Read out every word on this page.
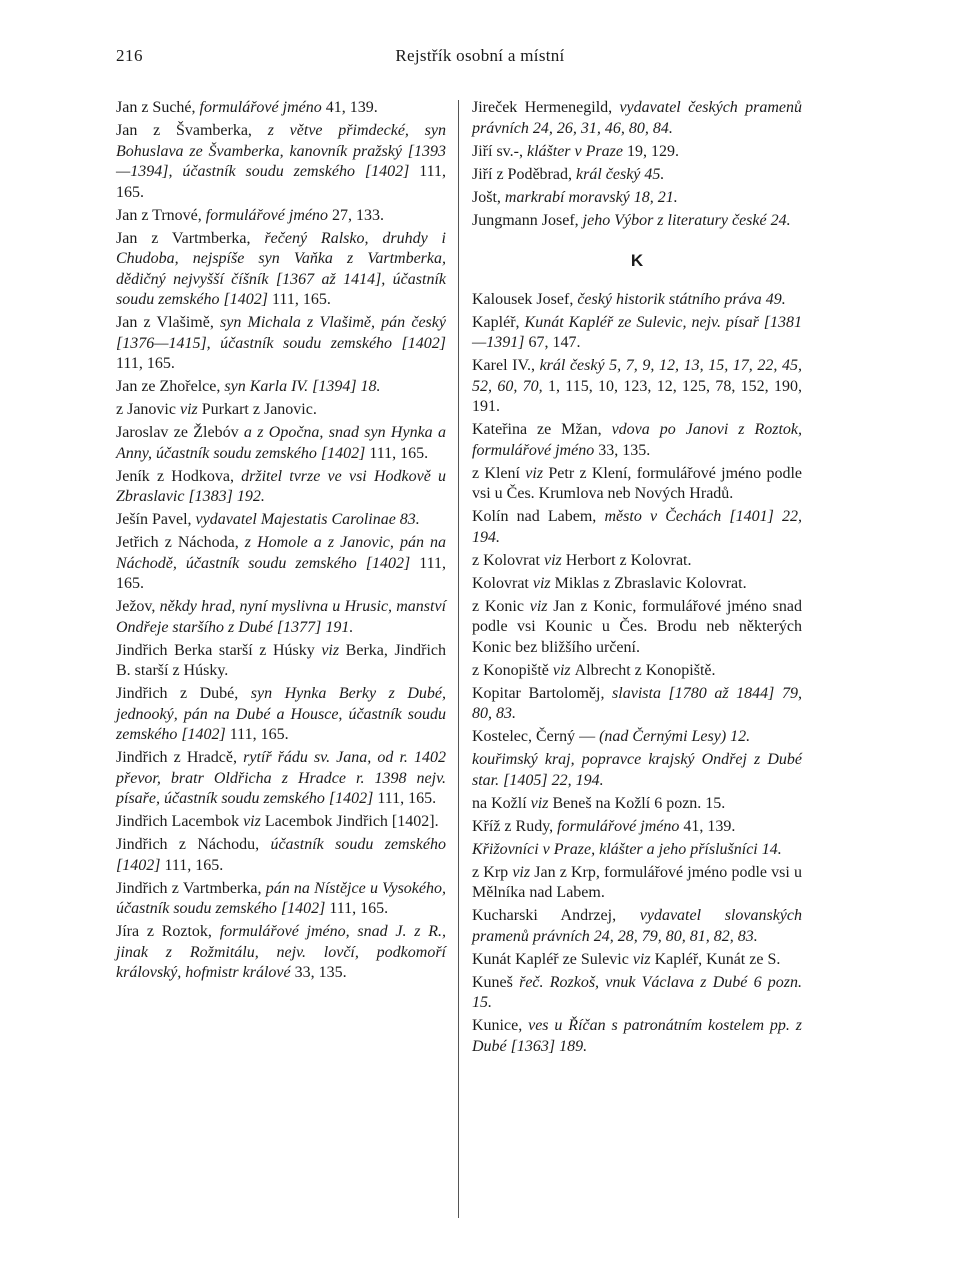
216	Rejstřík osobní a místní
Jan z Suché, formulářové jméno 41, 139.
Jan z Švamberka, z větve přimdecké, syn Bohuslava ze Švamberka, kanovník pražský [1393—1394], účastník soudu zemského [1402] 111, 165.
Jan z Trnové, formulářové jméno 27, 133.
Jan z Vartmberka, řečený Ralsko, druhdy i Chudoba, nejspíše syn Vaňka z Vartmberka, dědičný nejvyšší číšník [1367 až 1414], účastník soudu zemského [1402] 111, 165.
Jan z Vlašimě, syn Michala z Vlašimě, pán český [1376—1415], účastník soudu zemského [1402] 111, 165.
Jan ze Zhořelce, syn Karla IV. [1394] 18.
z Janovic viz Purkart z Janovic.
Jaroslav ze Žlebóv a z Opočna, snad syn Hynka a Anny, účastník soudu zemského [1402] 111, 165.
Jeník z Hodkova, držitel tvrze ve vsi Hodkově u Zbraslavic [1383] 192.
Ješín Pavel, vydavatel Majestatis Carolinae 83.
Jetřich z Náchoda, z Homole a z Janovic, pán na Náchodě, účastník soudu zemského [1402] 111, 165.
Ježov, někdy hrad, nyní myslivna u Hrusic, manství Ondřeje staršího z Dubé [1377] 191.
Jindřich Berka starší z Húsky viz Berka, Jindřich B. starší z Húsky.
Jindřich z Dubé, syn Hynka Berky z Dubé, jednooký, pán na Dubé a Housce, účastník soudu zemského [1402] 111, 165.
Jindřich z Hradcě, rytíř řádu sv. Jana, od r. 1402 převor, bratr Oldřicha z Hradce r. 1398 nejv. písaře, účastník soudu zemského [1402] 111, 165.
Jindřich Lacembok viz Lacembok Jindřich [1402].
Jindřich z Náchodu, účastník soudu zemského [1402] 111, 165.
Jindřich z Vartmberka, pán na Nístějce u Vysokého, účastník soudu zemského [1402] 111, 165.
Jíra z Roztok, formulářové jméno, snad J. z R., jinak z Rožmitálu, nejv. lovčí, podkomoří královský, hofmistr králové 33, 135.
Jireček Hermenegild, vydavatel českých pramenů právních 24, 26, 31, 46, 80, 84.
Jiří sv.-, klášter v Praze 19, 129.
Jiří z Poděbrad, král český 45.
Jošt, markrabí moravský 18, 21.
Jungmann Josef, jeho Výbor z literatury české 24.
K
Kalousek Josef, český historik státního práva 49.
Kapléř, Kunát Kapléř ze Sulevic, nejv. písař [1381—1391] 67, 147.
Karel IV., král český 5, 7, 9, 12, 13, 15, 17, 22, 45, 52, 60, 70, 1, 115, 10, 123, 12, 125, 78, 152, 190, 191.
Kateřina ze Mžan, vdova po Janovi z Roztok, formulářové jméno 33, 135.
z Klení viz Petr z Klení, formulářové jméno podle vsi u Čes. Krumlova neb Nových Hradů.
Kolín nad Labem, město v Čechách [1401] 22, 194.
z Kolovrat viz Herbort z Kolovrat.
Kolovrat viz Miklas z Zbraslavic Kolovrat.
z Konic viz Jan z Konic, formulářové jméno snad podle vsi Kounic u Čes. Brodu neb některých Konic bez bližšího určení.
z Konopiště viz Albrecht z Konopiště.
Kopitar Bartoloměj, slavista [1780 až 1844] 79, 80, 83.
Kostelec, Černý — (nad Černými Lesy) 12.
kouřimský kraj, popravce krajský Ondřej z Dubé star. [1405] 22, 194.
na Kožlí viz Beneš na Kožlí 6 pozn. 15.
Kříž z Rudy, formulářové jméno 41, 139.
Křižovníci v Praze, klášter a jeho příslušníci 14.
z Krp viz Jan z Krp, formulářové jméno podle vsi u Mělníka nad Labem.
Kucharski Andrzej, vydavatel slovanských pramenů právních 24, 28, 79, 80, 81, 82, 83.
Kunát Kapléř ze Sulevic viz Kapléř, Kunát ze S.
Kuneš řeč. Rozkoš, vnuk Václava z Dubé 6 pozn. 15.
Kunice, ves u Říčan s patronátním kostelem pp. z Dubé [1363] 189.
